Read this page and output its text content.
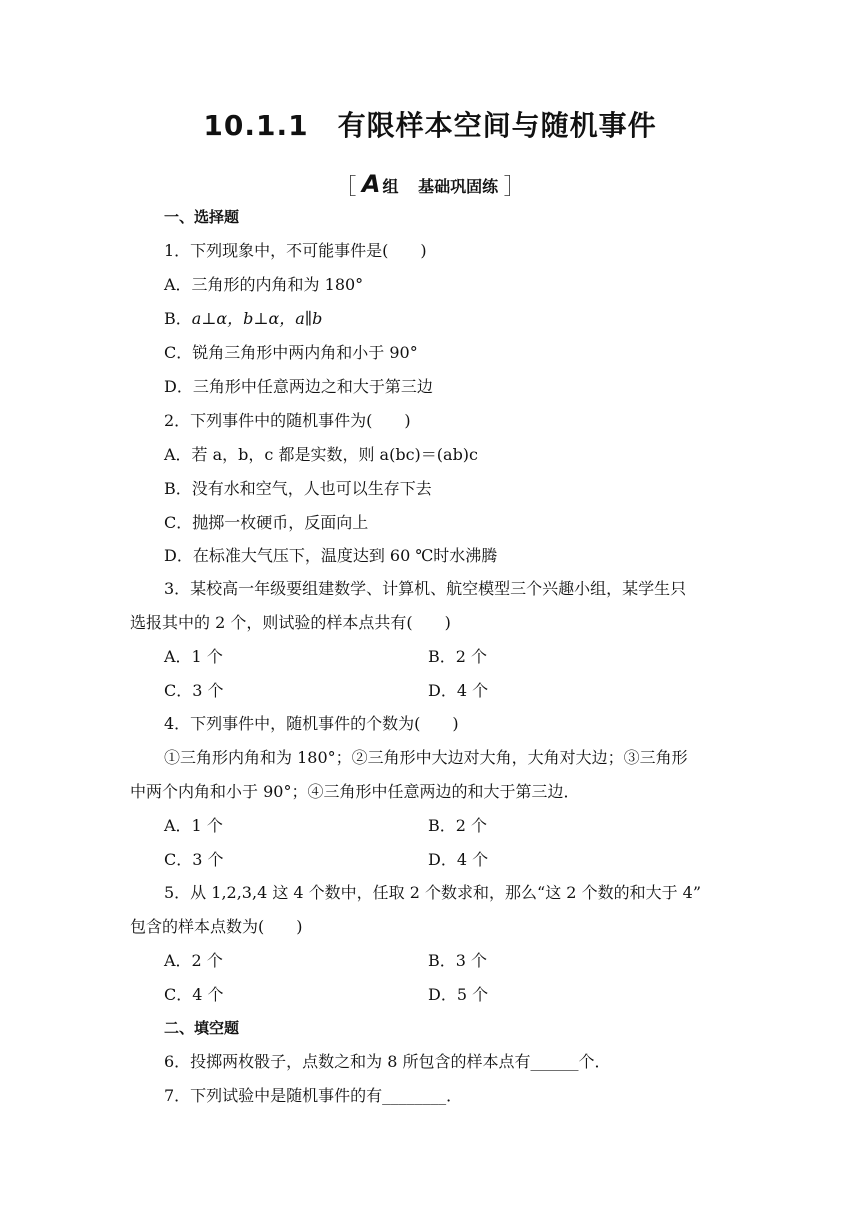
10.1.1　有限样本空间与随机事件
［ A 组 基础巩固练 ］
一、选择题
1．下列现象中，不可能事件是(　　)
A．三角形的内角和为 180°
B．a⊥α，b⊥α，a∥b
C．锐角三角形中两内角和小于 90°
D．三角形中任意两边之和大于第三边
2．下列事件中的随机事件为(　　)
A．若 a，b，c 都是实数，则 a(bc)＝(ab)c
B．没有水和空气，人也可以生存下去
C．抛掷一枚硬币，反面向上
D．在标准大气压下，温度达到 60 ℃时水沸腾
3．某校高一年级要组建数学、计算机、航空模型三个兴趣小组，某学生只
选报其中的 2 个，则试验的样本点共有(　　)
A．1 个	B．2 个
C．3 个	D．4 个
4．下列事件中，随机事件的个数为(　　)
①三角形内角和为 180°；②三角形中大边对大角，大角对大边；③三角形
中两个内角和小于 90°；④三角形中任意两边的和大于第三边．
A．1 个	B．2 个
C．3 个	D．4 个
5．从 1,2,3,4 这 4 个数中，任取 2 个数求和，那么“这 2 个数的和大于 4”
包含的样本点数为(　　)
A．2 个	B．3 个
C．4 个	D．5 个
二、填空题
6．投掷两枚骰子，点数之和为 8 所包含的样本点有______个．
7．下列试验中是随机事件的有________．
